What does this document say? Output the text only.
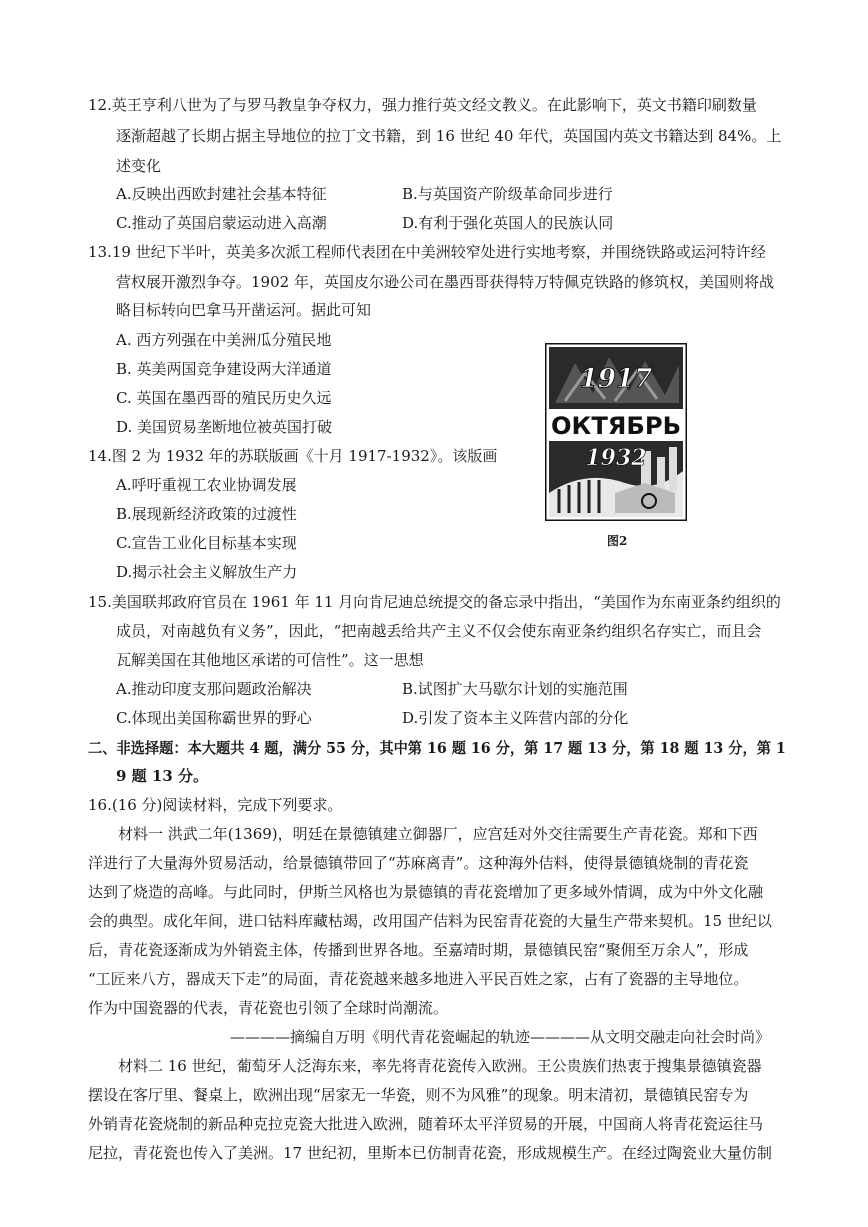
12.英王亨利八世为了与罗马教皇争夺权力，强力推行英文经文教义。在此影响下，英文书籍印刷数量
逐渐超越了长期占据主导地位的拉丁文书籍，到 16 世纪 40 年代，英国国内英文书籍达到 84%。上
述变化
A.反映出西欧封建社会基本特征	B.与英国资产阶级革命同步进行
C.推动了英国启蒙运动进入高潮	D.有利于强化英国人的民族认同
13.19 世纪下半叶，英美多次派工程师代表团在中美洲较窄处进行实地考察，并围绕铁路或运河特许经
营权展开激烈争夺。1902 年，英国皮尔逊公司在墨西哥获得特万特佩克铁路的修筑权，美国则将战
略目标转向巴拿马开凿运河。据此可知
A. 西方列强在中美洲瓜分殖民地
B. 英美两国竞争建设两大洋通道
C. 英国在墨西哥的殖民历史久远
D. 美国贸易垄断地位被英国打破
14.图 2 为 1932 年的苏联版画《十月 1917-1932》。该版画
A.呼吁重视工农业协调发展
B.展现新经济政策的过渡性
C.宣告工业化目标基本实现
D.揭示社会主义解放生产力
1917
ОКТЯБРЬ
1932
图2
15.美国联邦政府官员在 1961 年 11 月向肯尼迪总统提交的备忘录中指出，“美国作为东南亚条约组织的
成员，对南越负有义务”，因此，“把南越丢给共产主义不仅会使东南亚条约组织名存实亡，而且会
瓦解美国在其他地区承诺的可信性”。这一思想
A.推动印度支那问题政治解决	B.试图扩大马歇尔计划的实施范围
C.体现出美国称霸世界的野心	D.引发了资本主义阵营内部的分化
二、非选择题：本大题共 4 题，满分 55 分，其中第 16 题 16 分，第 17 题 13 分，第 18 题 13 分，第 1
9 题 13 分。
16.(16 分)阅读材料，完成下列要求。
材料一 洪武二年(1369)，明廷在景德镇建立御器厂，应宫廷对外交往需要生产青花瓷。郑和下西
洋进行了大量海外贸易活动，给景德镇带回了“苏麻离青”。这种海外佶料，使得景德镇烧制的青花瓷
达到了烧造的高峰。与此同时，伊斯兰风格也为景德镇的青花瓷增加了更多域外情调，成为中外文化融
会的典型。成化年间，进口钴料库藏枯竭，改用国产佶料为民窑青花瓷的大量生产带来契机。15 世纪以
后，青花瓷逐渐成为外销瓷主体，传播到世界各地。至嘉靖时期，景德镇民窑“聚佣至万余人”，形成
“工匠来八方，器成天下走”的局面，青花瓷越来越多地进入平民百姓之家，占有了瓷器的主导地位。
作为中国瓷器的代表，青花瓷也引领了全球时尚潮流。
————摘编自万明《明代青花瓷崛起的轨迹————从文明交融走向社会时尚》
材料二 16 世纪，葡萄牙人泛海东来，率先将青花瓷传入欧洲。王公贵族们热衷于搜集景德镇瓷器
摆设在客厅里、餐桌上，欧洲出现“居家无一华瓷，则不为风雅”的现象。明末清初，景德镇民窑专为
外销青花瓷烧制的新品种克拉克瓷大批进入欧洲，随着环太平洋贸易的开展，中国商人将青花瓷运往马
尼拉，青花瓷也传入了美洲。17 世纪初，里斯本已仿制青花瓷，形成规模生产。在经过陶瓷业大量仿制
